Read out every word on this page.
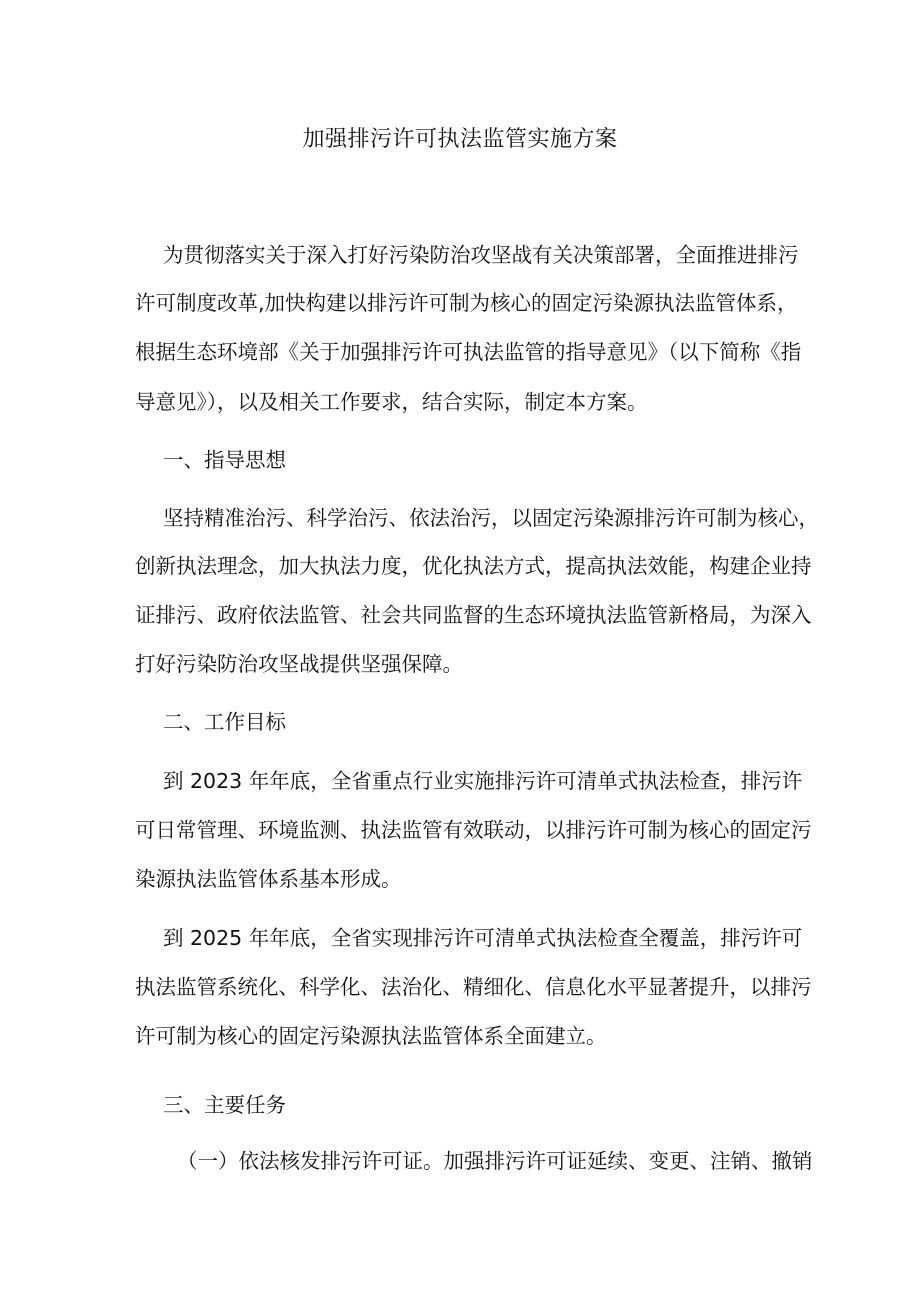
加强排污许可执法监管实施方案
为贯彻落实关于深入打好污染防治攻坚战有关决策部署，全面推进排污
许可制度改革,加快构建以排污许可制为核心的固定污染源执法监管体系，
根据生态环境部《关于加强排污许可执法监管的指导意见》（以下简称《指
导意见》），以及相关工作要求，结合实际，制定本方案。
一、指导思想
坚持精准治污、科学治污、依法治污，以固定污染源排污许可制为核心，
创新执法理念，加大执法力度，优化执法方式，提高执法效能，构建企业持
证排污、政府依法监管、社会共同监督的生态环境执法监管新格局，为深入
打好污染防治攻坚战提供坚强保障。
二、工作目标
到 2023 年年底，全省重点行业实施排污许可清单式执法检查，排污许
可日常管理、环境监测、执法监管有效联动，以排污许可制为核心的固定污
染源执法监管体系基本形成。
到 2025 年年底，全省实现排污许可清单式执法检查全覆盖，排污许可
执法监管系统化、科学化、法治化、精细化、信息化水平显著提升，以排污
许可制为核心的固定污染源执法监管体系全面建立。
三、主要任务
（一）依法核发排污许可证。加强排污许可证延续、变更、注销、撤销
